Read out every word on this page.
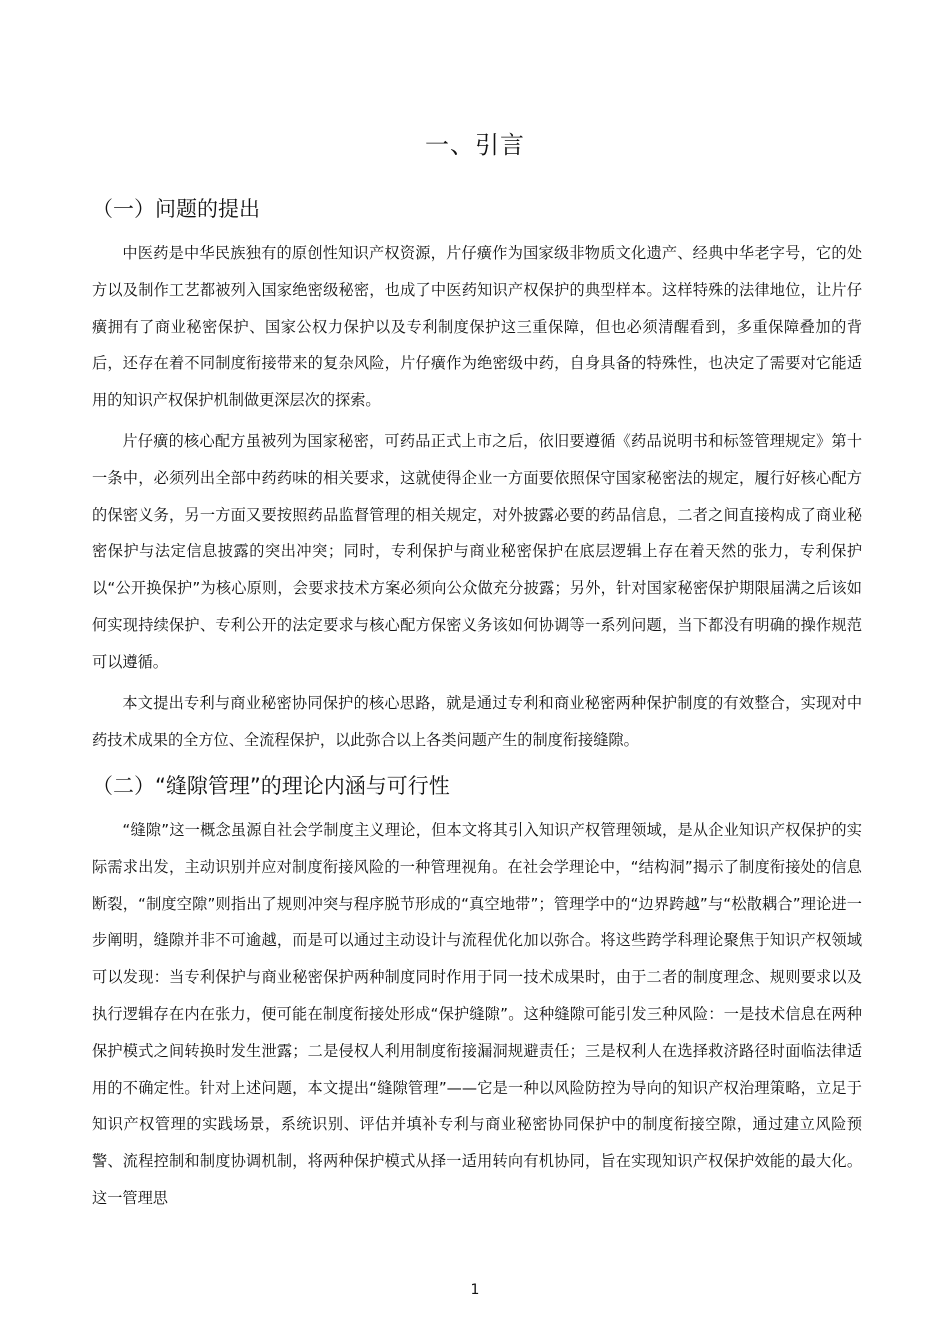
一、引言
（一）问题的提出

中医药是中华民族独有的原创性知识产权资源，片仔癀作为国家级非物质文化遗产、经典中华老字号，它的处方以及制作工艺都被列入国家绝密级秘密，也成了中医药知识产权保护的典型样本。这样特殊的法律地位，让片仔癀拥有了商业秘密保护、国家公权力保护以及专利制度保护这三重保障，但也必须清醒看到，多重保障叠加的背后，还存在着不同制度衔接带来的复杂风险，片仔癀作为绝密级中药，自身具备的特殊性，也决定了需要对它能适用的知识产权保护机制做更深层次的探索。

片仔癀的核心配方虽被列为国家秘密，可药品正式上市之后，依旧要遵循《药品说明书和标签管理规定》第十一条中，必须列出全部中药药味的相关要求，这就使得企业一方面要依照保守国家秘密法的规定，履行好核心配方的保密义务，另一方面又要按照药品监督管理的相关规定，对外披露必要的药品信息，二者之间直接构成了商业秘密保护与法定信息披露的突出冲突；同时，专利保护与商业秘密保护在底层逻辑上存在着天然的张力，专利保护以“公开换保护”为核心原则，会要求技术方案必须向公众做充分披露；另外，针对国家秘密保护期限届满之后该如何实现持续保护、专利公开的法定要求与核心配方保密义务该如何协调等一系列问题，当下都没有明确的操作规范可以遵循。

本文提出专利与商业秘密协同保护的核心思路，就是通过专利和商业秘密两种保护制度的有效整合，实现对中药技术成果的全方位、全流程保护，以此弥合以上各类问题产生的制度衔接缝隙。

（二）“缝隙管理”的理论内涵与可行性

“缝隙”这一概念虽源自社会学制度主义理论，但本文将其引入知识产权管理领域，是从企业知识产权保护的实际需求出发，主动识别并应对制度衔接风险的一种管理视角。在社会学理论中，“结构洞”揭示了制度衔接处的信息断裂，“制度空隙”则指出了规则冲突与程序脱节形成的“真空地带”；管理学中的“边界跨越”与“松散耦合”理论进一步阐明，缝隙并非不可逾越，而是可以通过主动设计与流程优化加以弥合。将这些跨学科理论聚焦于知识产权领域可以发现：当专利保护与商业秘密保护两种制度同时作用于同一技术成果时，由于二者的制度理念、规则要求以及执行逻辑存在内在张力，便可能在制度衔接处形成“保护缝隙”。这种缝隙可能引发三种风险：一是技术信息在两种保护模式之间转换时发生泄露；二是侵权人利用制度衔接漏洞规避责任；三是权利人在选择救济路径时面临法律适用的不确定性。针对上述问题，本文提出“缝隙管理”——它是一种以风险防控为导向的知识产权治理策略，立足于知识产权管理的实践场景，系统识别、评估并填补专利与商业秘密协同保护中的制度衔接空隙，通过建立风险预警、流程控制和制度协调机制，将两种保护模式从择一适用转向有机协同，旨在实现知识产权保护效能的最大化。这一管理思

1
